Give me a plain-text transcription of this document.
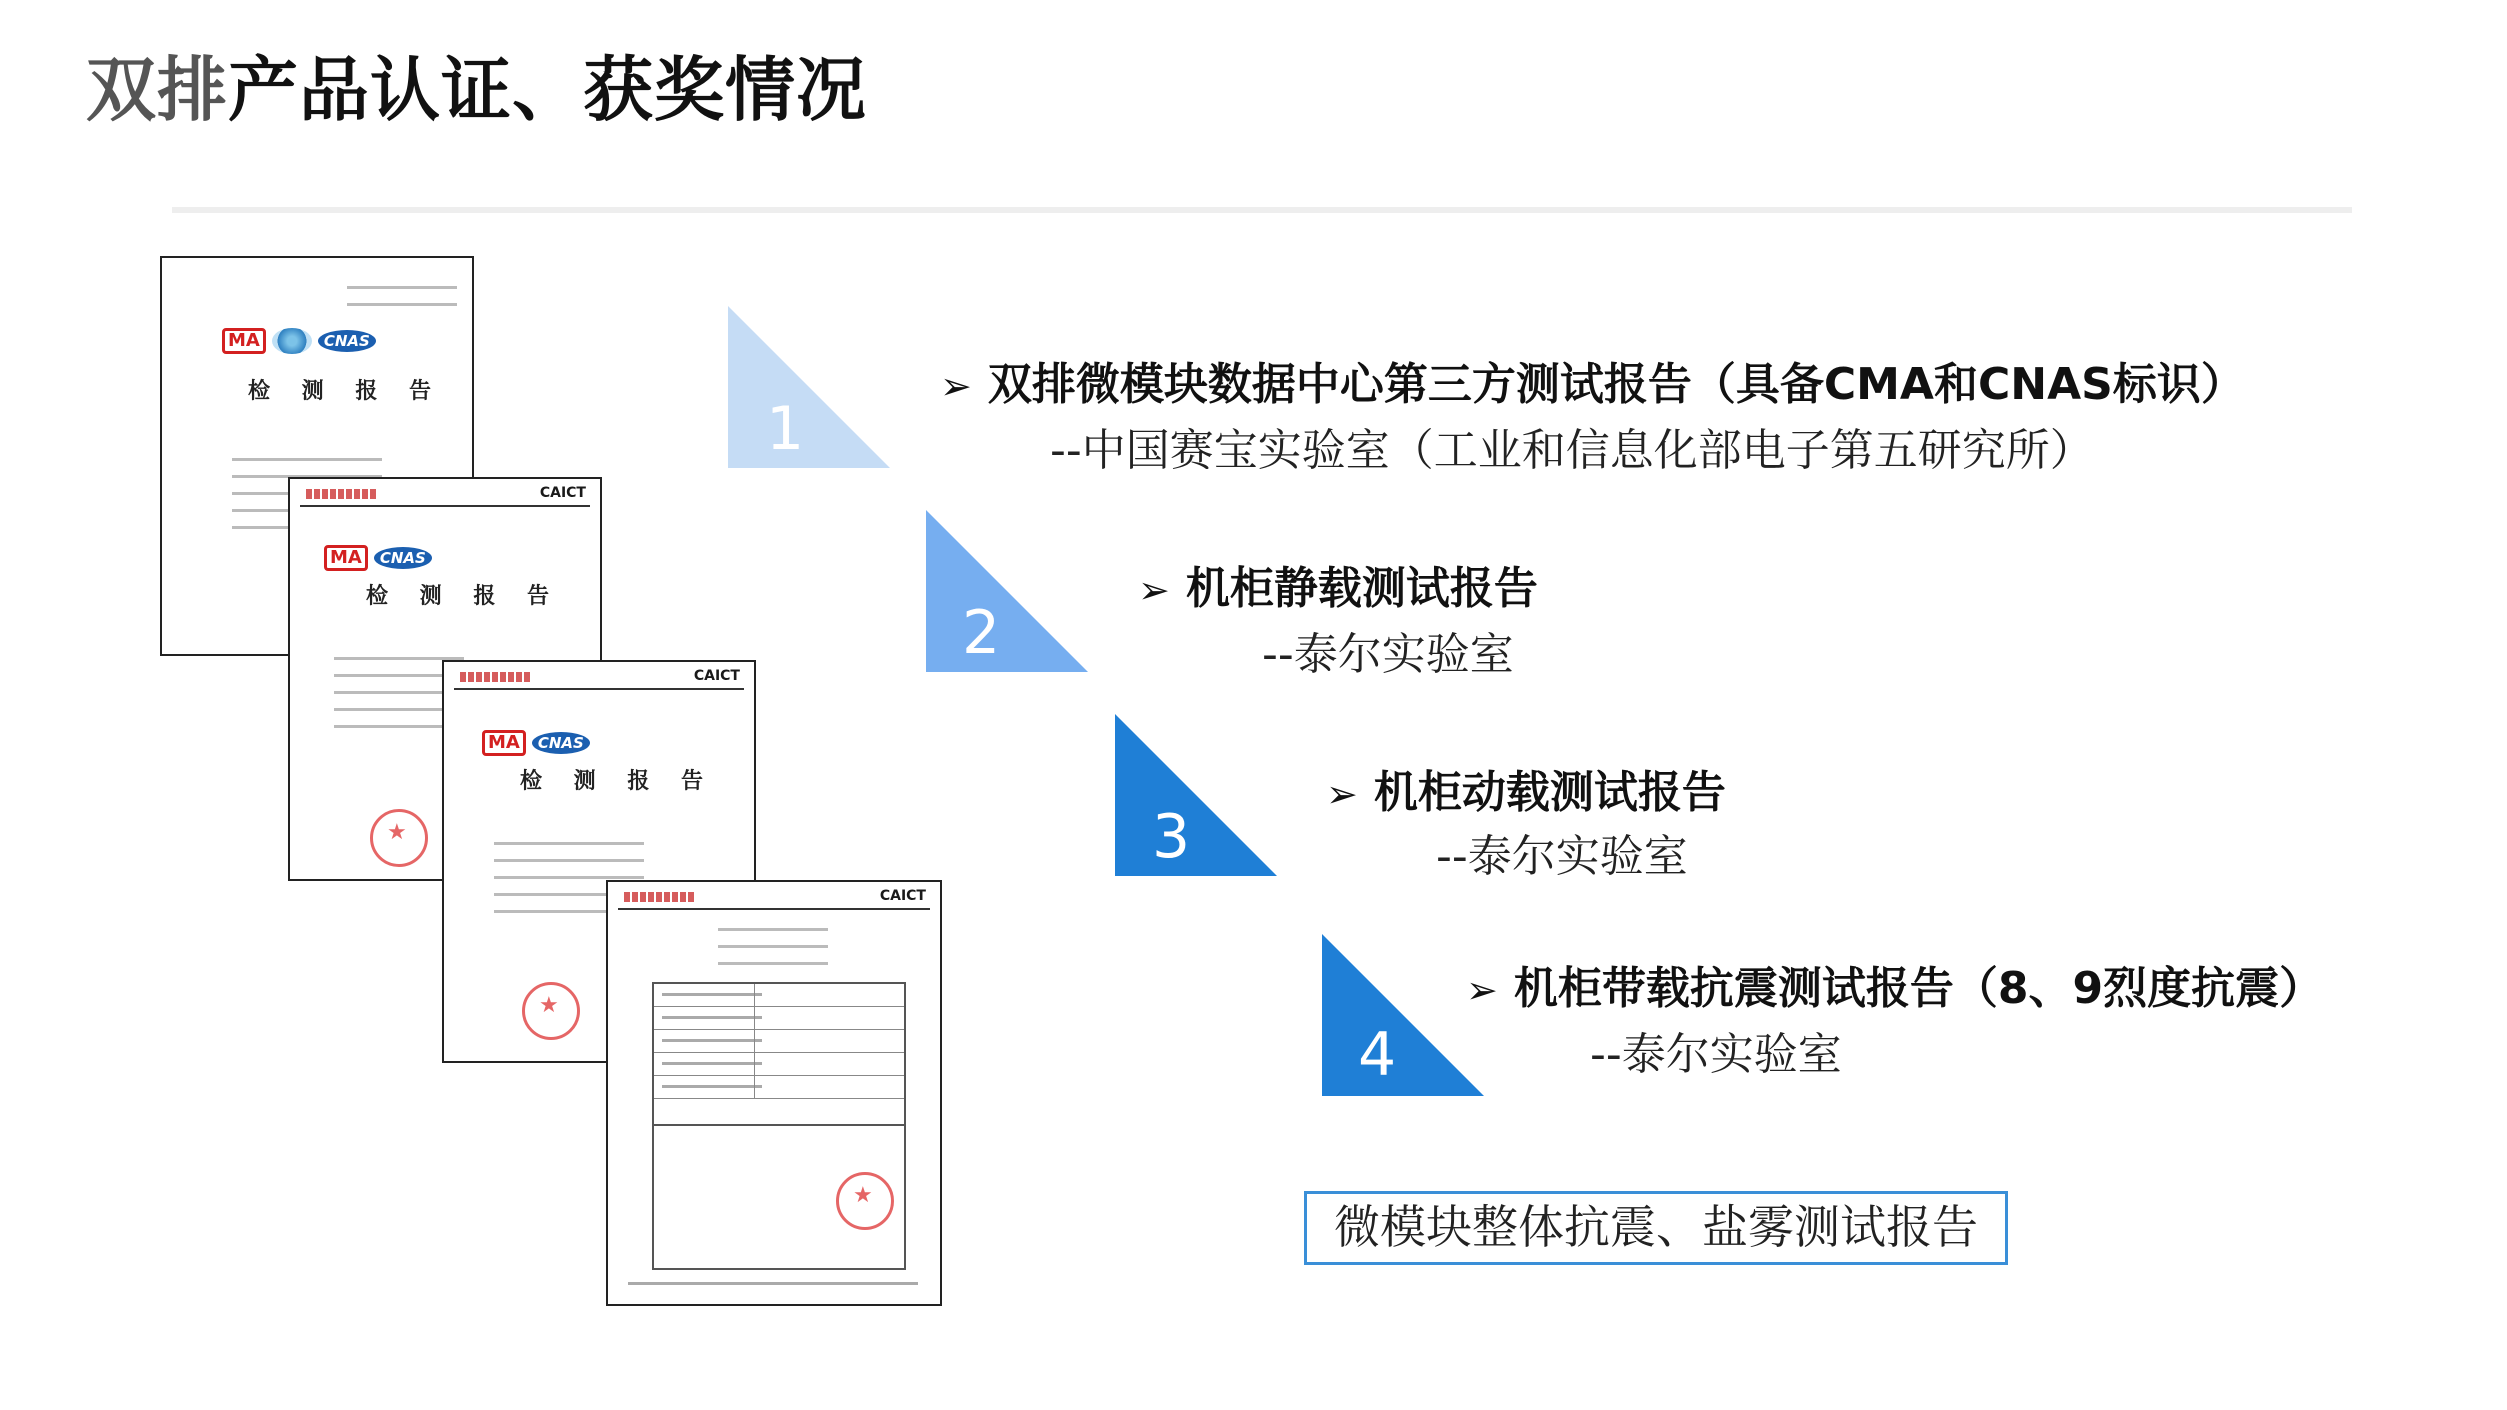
双排产品认证、获奖情况
MA	CNAS
检 测 报 告
CAICT
MA	CNAS
检 测 报 告
★
CAICT
MA	CNAS
检 测 报 告
★
CAICT
★
1
➢ 双排微模块数据中心第三方测试报告（具备CMA和CNAS标识）
--中国赛宝实验室（工业和信息化部电子第五研究所）
2
➢ 机柜静载测试报告
--泰尔实验室
3
➢ 机柜动载测试报告
--泰尔实验室
4
➢ 机柜带载抗震测试报告（8、9烈度抗震）
--泰尔实验室
微模块整体抗震、盐雾测试报告
